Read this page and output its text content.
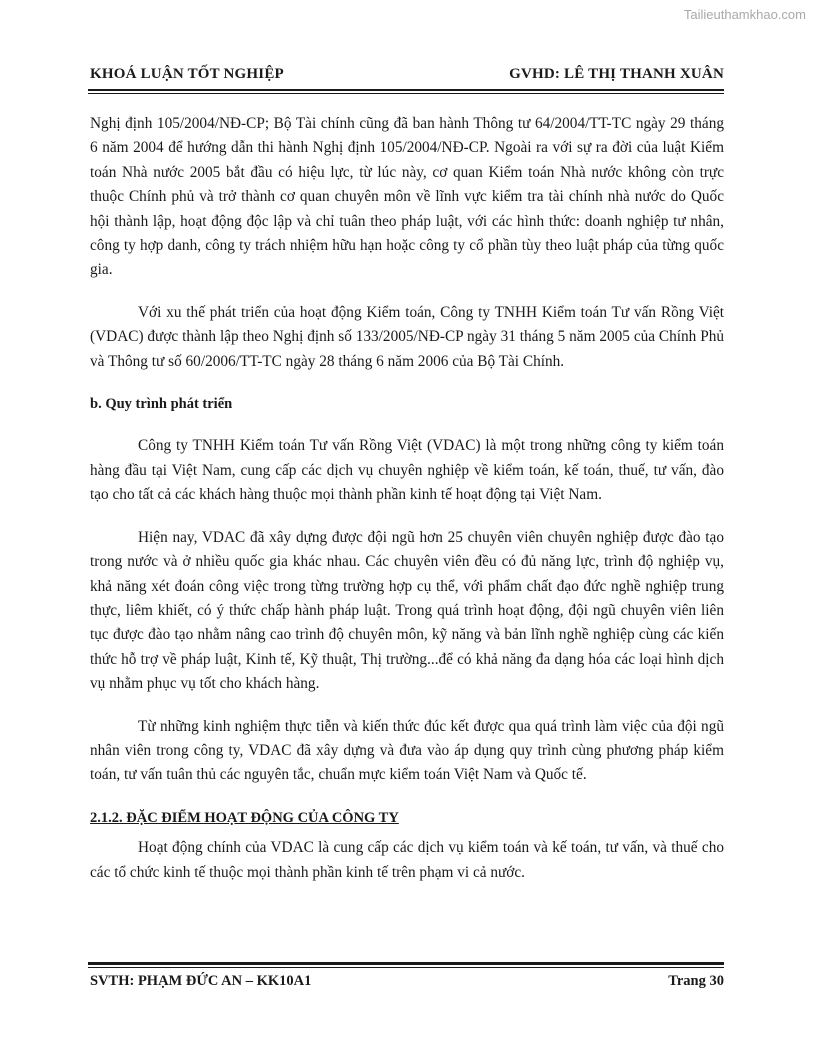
Tailieuthamkhao.com
KHOÁ LUẬN TỐT NGHIỆP	GVHD: LÊ THỊ THANH XUÂN

Nghị định 105/2004/NĐ-CP; Bộ Tài chính cũng đã ban hành Thông tư 64/2004/TT-TC ngày 29 tháng 6 năm 2004 để hướng dẫn thi hành Nghị định 105/2004/NĐ-CP. Ngoài ra với sự ra đời của luật Kiểm toán Nhà nước 2005 bắt đầu có hiệu lực, từ lúc này, cơ quan Kiểm toán Nhà nước không còn trực thuộc Chính phủ và trở thành cơ quan chuyên môn về lĩnh vực kiểm tra tài chính nhà nước do Quốc hội thành lập, hoạt động độc lập và chỉ tuân theo pháp luật, với các hình thức: doanh nghiệp tư nhân, công ty hợp danh, công ty trách nhiệm hữu hạn hoặc công ty cổ phần tùy theo luật pháp của từng quốc gia.

Với xu thế phát triển của hoạt động Kiểm toán, Công ty TNHH Kiểm toán Tư vấn Rồng Việt (VDAC) được thành lập theo Nghị định số 133/2005/NĐ-CP ngày 31 tháng 5 năm 2005 của Chính Phủ và Thông tư số 60/2006/TT-TC ngày 28 tháng 6 năm 2006 của Bộ Tài Chính.

b. Quy trình phát triển

Công ty TNHH Kiểm toán Tư vấn Rồng Việt (VDAC) là một trong những công ty kiểm toán hàng đầu tại Việt Nam, cung cấp các dịch vụ chuyên nghiệp về kiểm toán, kế toán, thuế, tư vấn, đào tạo cho tất cả các khách hàng thuộc mọi thành phần kinh tế hoạt động tại Việt Nam.

Hiện nay, VDAC đã xây dựng được đội ngũ hơn 25 chuyên viên chuyên nghiệp được đào tạo trong nước và ở nhiều quốc gia khác nhau. Các chuyên viên đều có đủ năng lực, trình độ nghiệp vụ, khả năng xét đoán công việc trong từng trường hợp cụ thể, với phẩm chất đạo đức nghề nghiệp trung thực, liêm khiết, có ý thức chấp hành pháp luật. Trong quá trình hoạt động, đội ngũ chuyên viên liên tục được đào tạo nhằm nâng cao trình độ chuyên môn, kỹ năng và bản lĩnh nghề nghiệp cùng các kiến thức hỗ trợ về pháp luật, Kinh tế, Kỹ thuật, Thị trường...để có khả năng đa dạng hóa các loại hình dịch vụ nhằm phục vụ tốt cho khách hàng.

Từ những kinh nghiệm thực tiễn và kiến thức đúc kết được qua quá trình làm việc của đội ngũ nhân viên trong công ty, VDAC đã xây dựng và đưa vào áp dụng quy trình cùng phương pháp kiểm toán, tư vấn tuân thủ các nguyên tắc, chuẩn mực kiểm toán Việt Nam và Quốc tế.

2.1.2. ĐẶC ĐIỂM HOẠT ĐỘNG CỦA CÔNG TY

Hoạt động chính của VDAC là cung cấp các dịch vụ kiểm toán và kế toán, tư vấn, và thuế cho các tổ chức kinh tế thuộc mọi thành phần kinh tế trên phạm vi cả nước.

SVTH: PHẠM ĐỨC AN – KK10A1	Trang 30
